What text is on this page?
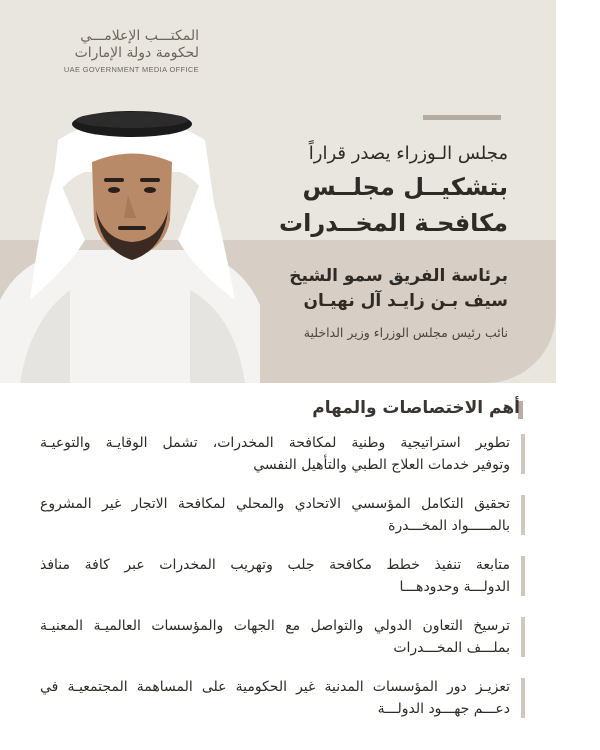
المكتـــب الإعلامـــي
لحكومة دولة الإمارات
UAE GOVERNMENT MEDIA OFFICE
مجلس الـوزراء يصدر قراراً
بتشكيــل مجلــس
مكافحـة المخــدرات
برئاسة الفريق سمو الشيخ
سيف بـن زايـد آل نهيـان
نائب رئيس مجلس الوزراء وزير الداخلية
أهم الاختصاصات والمهام
تطوير استراتيجية وطنية لمكافحة المخدرات، تشمل الوقايـة والتوعيـة
وتوفير خدمات العلاج الطبي والتأهيل النفسي
تحقيق التكامل المؤسسي الاتحادي والمحلي لمكافحة الاتجار غير المشروع
بالمـــــواد المخـــدرة
متابعة تنفيذ خطط مكافحة جلب وتهريب المخدرات عبر كافة منافذ
الدولـــة وحدودهـــا
ترسيخ التعاون الدولي والتواصل مع الجهات والمؤسسات العالميـة المعنيـة
بملـــف المخـــدرات
تعزيـز دور المؤسسات المدنية غير الحكومية على المساهمة المجتمعيـة في
دعـــم جهـــود الدولـــة
